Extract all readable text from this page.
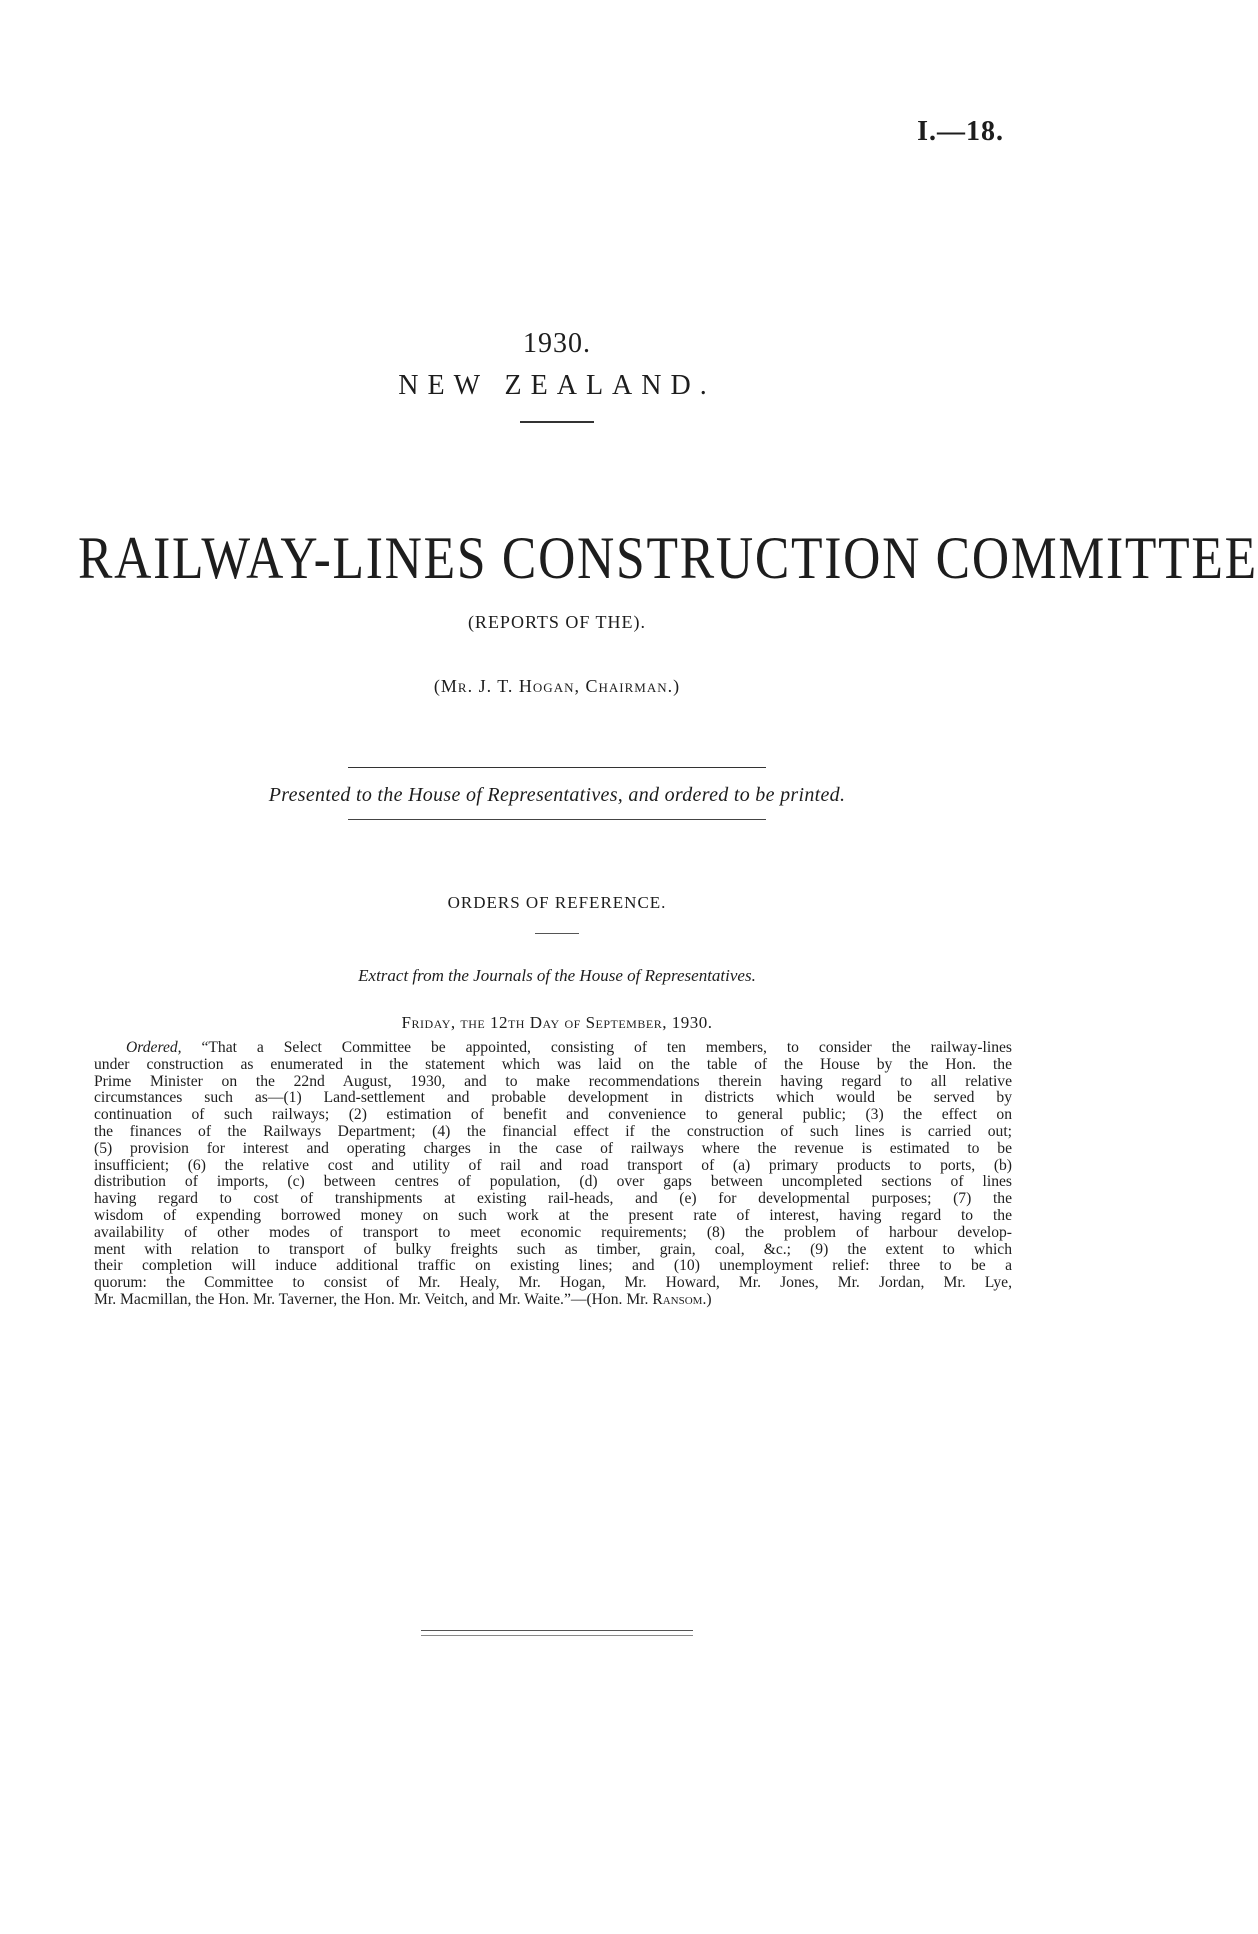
I.—18.
1930.
NEW ZEALAND.
RAILWAY-LINES CONSTRUCTION COMMITTEE
(REPORTS OF THE).
(Mr. J. T. Hogan, Chairman.)
Presented to the House of Representatives, and ordered to be printed.
ORDERS OF REFERENCE.
Extract from the Journals of the House of Representatives.
Friday, the 12th Day of September, 1930.
Ordered, “That a Select Committee be appointed, consisting of ten members, to consider the railway-lines
under construction as enumerated in the statement which was laid on the table of the House by the Hon. the
Prime Minister on the 22nd August, 1930, and to make recommendations therein having regard to all relative
circumstances such as—(1) Land-settlement and probable development in districts which would be served by
continuation of such railways; (2) estimation of benefit and convenience to general public; (3) the effect on
the finances of the Railways Department; (4) the financial effect if the construction of such lines is carried out;
(5) provision for interest and operating charges in the case of railways where the revenue is estimated to be
insufficient; (6) the relative cost and utility of rail and road transport of (a) primary products to ports, (b)
distribution of imports, (c) between centres of population, (d) over gaps between uncompleted sections of lines
having regard to cost of transhipments at existing rail-heads, and (e) for developmental purposes; (7) the
wisdom of expending borrowed money on such work at the present rate of interest, having regard to the
availability of other modes of transport to meet economic requirements; (8) the problem of harbour develop-
ment with relation to transport of bulky freights such as timber, grain, coal, &c.; (9) the extent to which
their completion will induce additional traffic on existing lines; and (10) unemployment relief: three to be a
quorum: the Committee to consist of Mr. Healy, Mr. Hogan, Mr. Howard, Mr. Jones, Mr. Jordan, Mr. Lye,
Mr. Macmillan, the Hon. Mr. Taverner, the Hon. Mr. Veitch, and Mr. Waite.”—(Hon. Mr. Ransom.)
